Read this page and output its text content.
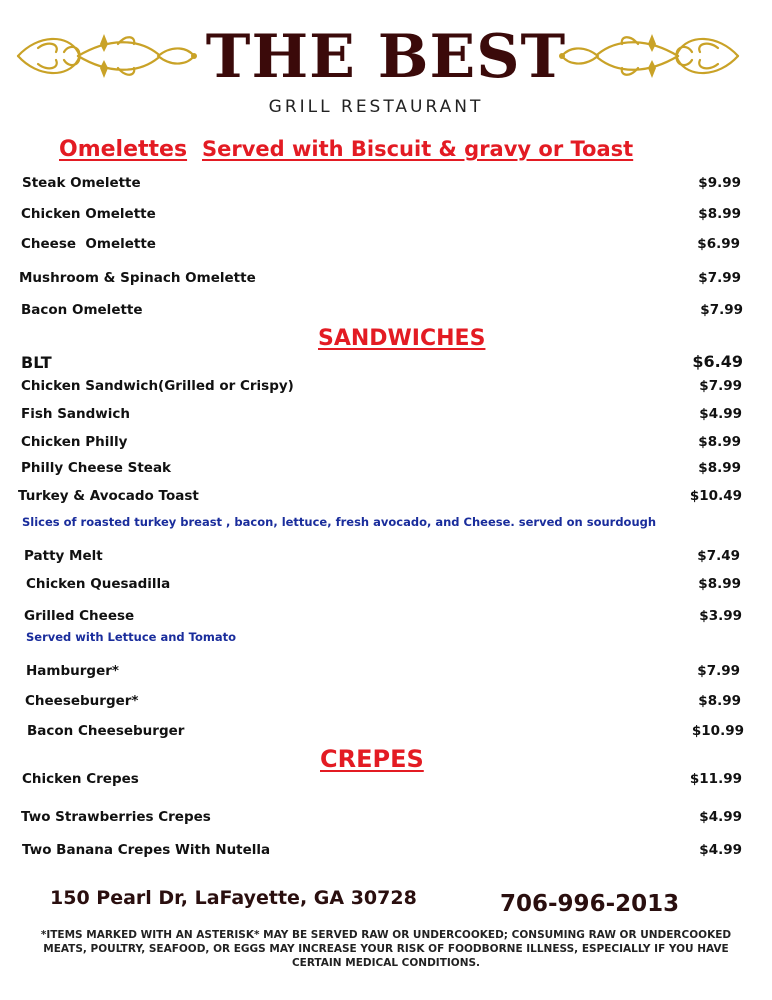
THE BEST
GRILL RESTAURANT
Omelettes Served with Biscuit & gravy or Toast
Steak Omelette	$9.99
Chicken Omelette	$8.99
Cheese  Omelette	$6.99
Mushroom & Spinach Omelette	$7.99
Bacon Omelette	$7.99
SANDWICHES
BLT	$6.49
Chicken Sandwich(Grilled or Crispy)	$7.99
Fish Sandwich	$4.99
Chicken Philly	$8.99
Philly Cheese Steak	$8.99
Turkey & Avocado Toast	$10.49
Slices of roasted turkey breast , bacon, lettuce, fresh avocado, and Cheese. served on sourdough
Patty Melt	$7.49
Chicken Quesadilla	$8.99
Grilled Cheese	$3.99
Served with Lettuce and Tomato
Hamburger*	$7.99
Cheeseburger*	$8.99
Bacon Cheeseburger	$10.99
CREPES
Chicken Crepes	$11.99
Two Strawberries Crepes	$4.99
Two Banana Crepes With Nutella	$4.99
150 Pearl Dr, LaFayette, GA 30728	706-996-2013
*ITEMS MARKED WITH AN ASTERISK* MAY BE SERVED RAW OR UNDERCOOKED; CONSUMING RAW OR UNDERCOOKED MEATS, POULTRY, SEAFOOD, OR EGGS MAY INCREASE YOUR RISK OF FOODBORNE ILLNESS, ESPECIALLY IF YOU HAVE CERTAIN MEDICAL CONDITIONS.
